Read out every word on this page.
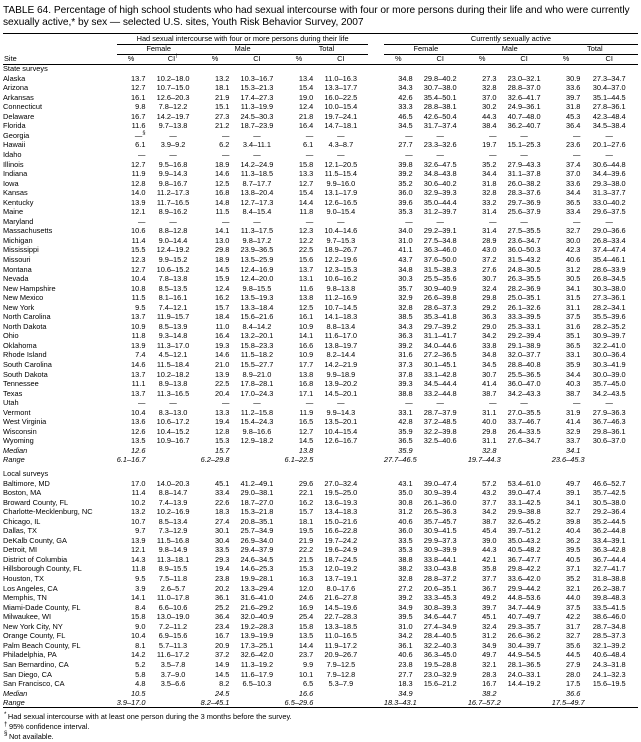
TABLE 64. Percentage of high school students who had sexual intercourse with four or more persons during their life and who were currently sexually active,* by sex — selected U.S. sites, Youth Risk Behavior Survey, 2007

	Had sexual intercourse with four or more persons during their life							Currently sexually active					
	Female		Male		Total			Female		Male		Total	
Site	%	CI†	%	CI	%	CI		%	CI	%	CI	%	CI

State surveys													
Alaska	13.7	10.2–18.0	13.2	10.3–16.7	13.4	11.0–16.3		34.8	29.8–40.2	27.3	23.0–32.1	30.9	27.3–34.7
Arizona	12.7	10.7–15.0	18.1	15.3–21.3	15.4	13.3–17.7		34.3	30.7–38.0	32.8	28.8–37.0	33.6	30.4–37.0
Arkansas	16.1	12.6–20.3	21.9	17.4–27.3	19.0	16.0–22.5		42.6	35.4–50.1	37.0	32.6–41.7	39.7	35.1–44.5
Connecticut	9.8	7.8–12.2	15.1	11.3–19.9	12.4	10.0–15.4		33.3	28.8–38.1	30.2	24.9–36.1	31.8	27.8–36.1
Delaware	16.7	14.2–19.7	27.3	24.5–30.3	21.8	19.7–24.1		46.5	42.6–50.4	44.3	40.7–48.0	45.3	42.3–48.4
Florida	11.6	9.7–13.8	21.2	18.7–23.9	16.4	14.7–18.1		34.5	31.7–37.4	38.4	36.2–40.7	36.4	34.5–38.4
Georgia	—§	—	—	—	—	—		—	—	—	—	—	—
Hawaii	6.1	3.9–9.2	6.2	3.4–11.1	6.1	4.3–8.7		27.7	23.3–32.6	19.7	15.1–25.3	23.6	20.1–27.6
Idaho	—	—	—	—	—	—		—	—	—	—	—	—
Illinois	12.7	9.5–16.8	18.9	14.2–24.9	15.8	12.1–20.5		39.8	32.6–47.5	35.2	27.9–43.3	37.4	30.6–44.8
Indiana	11.9	9.9–14.3	14.6	11.3–18.5	13.3	11.5–15.4		39.2	34.8–43.8	34.4	31.1–37.8	37.0	34.4–39.6
Iowa	12.8	9.8–16.7	12.5	8.7–17.7	12.7	9.9–16.0		35.2	30.6–40.2	31.8	26.0–38.2	33.6	29.3–38.0
Kansas	14.0	11.2–17.3	16.8	13.8–20.4	15.4	13.1–17.9		36.0	32.9–39.3	32.8	28.3–37.6	34.4	31.3–37.7
Kentucky	13.9	11.7–16.5	14.8	12.7–17.3	14.4	12.6–16.5		39.6	35.0–44.4	33.2	29.7–36.9	36.5	33.0–40.2
Maine	12.1	8.9–16.2	11.5	8.4–15.4	11.8	9.0–15.4		35.3	31.2–39.7	31.4	25.6–37.9	33.4	29.6–37.5
Maryland	—	—	—	—	—	—		—	—	—	—	—	—
Massachusetts	10.6	8.8–12.8	14.1	11.3–17.5	12.3	10.4–14.6		34.0	29.2–39.1	31.4	27.5–35.5	32.7	29.0–36.6
Michigan	11.4	9.0–14.4	13.0	9.8–17.2	12.2	9.7–15.3		31.0	27.5–34.8	28.9	23.6–34.7	30.0	26.8–33.4
Mississippi	15.5	12.4–19.2	29.8	23.9–36.5	22.5	18.9–26.7		41.1	36.3–46.0	43.0	36.0–50.3	42.3	37.4–47.4
Missouri	12.3	9.9–15.2	18.9	13.5–25.9	15.6	12.2–19.6		43.7	37.6–50.0	37.2	31.5–43.2	40.6	35.4–46.1
Montana	12.7	10.6–15.2	14.5	12.4–16.9	13.7	12.3–15.3		34.8	31.5–38.3	27.6	24.8–30.5	31.2	28.6–33.9
Nevada	10.4	7.8–13.8	15.9	12.4–20.0	13.1	10.6–16.2		30.3	25.5–35.6	30.7	26.3–35.5	30.5	26.8–34.5
New Hampshire	10.8	8.5–13.5	12.4	9.8–15.5	11.6	9.8–13.8		35.7	30.9–40.9	32.4	28.2–36.9	34.1	30.3–38.0
New Mexico	11.5	8.1–16.1	16.2	13.5–19.3	13.8	11.2–16.9		32.9	26.6–39.8	29.8	25.0–35.1	31.5	27.3–36.1
New York	9.5	7.4–12.1	15.7	13.3–18.4	12.5	10.7–14.5		32.8	28.6–37.3	29.2	26.1–32.6	31.1	28.2–34.1
North Carolina	13.7	11.9–15.7	18.4	15.6–21.6	16.1	14.1–18.3		38.5	35.3–41.8	36.3	33.3–39.5	37.5	35.5–39.6
North Dakota	10.9	8.5–13.9	11.0	8.4–14.2	10.9	8.8–13.4		34.3	29.7–39.2	29.0	25.3–33.1	31.6	28.2–35.2
Ohio	11.8	9.3–14.8	16.4	13.2–20.1	14.1	11.6–17.0		36.3	31.1–41.7	34.2	29.2–39.4	35.1	30.9–39.7
Oklahoma	13.9	11.3–17.0	19.3	15.8–23.3	16.6	13.8–19.7		39.2	34.0–44.6	33.8	29.1–38.9	36.5	32.2–41.0
Rhode Island	7.4	4.5–12.1	14.6	11.5–18.2	10.9	8.2–14.4		31.6	27.2–36.5	34.8	32.0–37.7	33.1	30.0–36.4
South Carolina	14.6	11.5–18.4	21.0	15.5–27.7	17.7	14.2–21.9		37.3	30.1–45.1	34.5	28.8–40.8	35.9	30.3–41.9
South Dakota	13.7	10.2–18.2	13.9	8.9–21.0	13.8	9.9–18.9		37.8	33.1–42.8	30.7	25.5–36.5	34.4	30.0–39.0
Tennessee	11.1	8.9–13.8	22.5	17.8–28.1	16.8	13.9–20.2		39.3	34.5–44.4	41.4	36.0–47.0	40.3	35.7–45.0
Texas	13.7	11.3–16.5	20.4	17.0–24.3	17.1	14.5–20.1		38.8	33.2–44.8	38.7	34.2–43.3	38.7	34.2–43.5
Utah	—	—	—	—	—	—		—	—	—	—	—	—
Vermont	10.4	8.3–13.0	13.3	11.2–15.8	11.9	9.9–14.3		33.1	28.7–37.9	31.1	27.0–35.5	31.9	27.9–36.3
West Virginia	13.6	10.6–17.2	19.4	15.4–24.3	16.5	13.5–20.1		42.8	37.2–48.5	40.0	33.7–46.7	41.4	36.7–46.3
Wisconsin	12.6	10.4–15.2	12.8	9.8–16.6	12.7	10.4–15.4		35.9	32.2–39.8	29.8	26.4–33.5	32.9	29.8–36.1
Wyoming	13.5	10.9–16.7	15.3	12.9–18.2	14.5	12.6–16.7		36.5	32.5–40.6	31.1	27.6–34.7	33.7	30.6–37.0
Median	12.6		15.7		13.8			35.9		32.8		34.1	
Range	6.1–16.7		6.2–29.8		6.1–22.5			27.7–46.5		19.7–44.3		23.6–45.3	

Local surveys													
Baltimore, MD	17.0	14.0–20.3	45.1	41.2–49.1	29.6	27.0–32.4		43.1	39.0–47.4	57.2	53.4–61.0	49.7	46.6–52.7
Boston, MA	11.4	8.8–14.7	33.4	29.0–38.1	22.1	19.5–25.0		35.0	30.9–39.4	43.2	39.0–47.4	39.1	35.7–42.5
Broward County, FL	10.2	7.4–13.9	22.6	18.7–27.0	16.2	13.6–19.3		30.8	26.1–36.0	37.7	33.1–42.5	34.1	30.5–38.0
Charlotte-Mecklenburg, NC	13.2	10.2–16.9	18.3	15.3–21.8	15.7	13.4–18.3		31.2	26.5–36.3	34.2	29.9–38.8	32.7	29.2–36.4
Chicago, IL	10.7	8.5–13.4	27.4	20.8–35.1	18.1	15.0–21.6		40.6	35.7–45.7	38.7	32.6–45.2	39.8	35.2–44.5
Dallas, TX	9.7	7.3–12.9	30.1	25.7–34.9	19.5	16.6–22.8		36.0	30.9–41.5	45.4	39.7–51.2	40.4	36.2–44.8
DeKalb County, GA	13.9	11.5–16.8	30.4	26.9–34.0	21.9	19.7–24.2		33.5	29.9–37.3	39.0	35.0–43.2	36.2	33.4–39.1
Detroit, MI	12.1	9.8–14.9	33.5	29.4–37.9	22.2	19.6–24.9		35.3	30.9–39.9	44.3	40.5–48.2	39.5	36.3–42.8
District of Columbia	14.3	11.3–18.1	29.3	24.6–34.5	21.5	18.7–24.5		38.8	33.8–44.1	42.1	36.7–47.7	40.5	36.7–44.4
Hillsborough County, FL	11.8	8.9–15.5	19.4	14.6–25.3	15.3	12.0–19.2		38.2	33.0–43.8	35.8	29.8–42.2	37.1	32.7–41.7
Houston, TX	9.5	7.5–11.8	23.8	19.9–28.1	16.3	13.7–19.1		32.8	28.8–37.2	37.7	33.6–42.0	35.2	31.8–38.8
Los Angeles, CA	3.9	2.6–5.7	20.2	13.3–29.4	12.0	8.0–17.6		27.2	20.6–35.1	36.7	29.9–44.2	32.1	26.2–38.7
Memphis, TN	14.1	11.0–17.8	36.1	31.6–41.0	24.6	21.6–27.8		39.2	33.3–45.3	49.2	44.8–53.6	44.0	39.8–48.3
Miami-Dade County, FL	8.4	6.6–10.6	25.2	21.6–29.2	16.9	14.5–19.6		34.9	30.8–39.3	39.7	34.7–44.9	37.5	33.5–41.5
Milwaukee, WI	15.8	13.0–19.0	36.4	32.0–40.9	25.4	22.7–28.3		39.5	34.6–44.7	45.1	40.7–49.7	42.2	38.6–46.0
New York City, NY	9.0	7.2–11.2	23.4	19.2–28.3	15.8	13.3–18.5		31.0	27.4–34.9	32.4	29.3–35.7	31.7	28.7–34.8
Orange County, FL	10.4	6.9–15.6	16.7	13.9–19.9	13.5	11.0–16.5		34.2	28.4–40.5	31.2	26.6–36.2	32.7	28.5–37.3
Palm Beach County, FL	8.1	5.7–11.3	20.9	17.3–25.1	14.4	11.9–17.2		36.1	32.2–40.3	34.9	30.4–39.7	35.6	32.1–39.2
Philadelphia, PA	14.2	11.6–17.2	37.2	32.6–42.0	23.7	20.9–26.7		40.6	36.3–45.0	49.7	44.9–54.5	44.5	40.6–48.4
San Bernardino, CA	5.2	3.5–7.8	14.9	11.3–19.2	9.9	7.9–12.5		23.8	19.5–28.8	32.1	28.1–36.5	27.9	24.3–31.8
San Diego, CA	5.8	3.7–9.0	14.5	11.6–17.9	10.1	7.9–12.8		27.7	23.0–32.9	28.3	24.0–33.1	28.0	24.1–32.3
San Francisco, CA	4.8	3.5–6.6	8.2	6.5–10.3	6.5	5.3–7.9		18.3	15.6–21.2	16.7	14.4–19.2	17.5	15.6–19.5
Median	10.5		24.5		16.6			34.9		38.2		36.6	
Range	3.9–17.0		8.2–45.1		6.5–29.6			18.3–43.1		16.7–57.2		17.5–49.7	

* Had sexual intercourse with at least one person during the 3 months before the survey.
† 95% confidence interval.
§ Not available.
